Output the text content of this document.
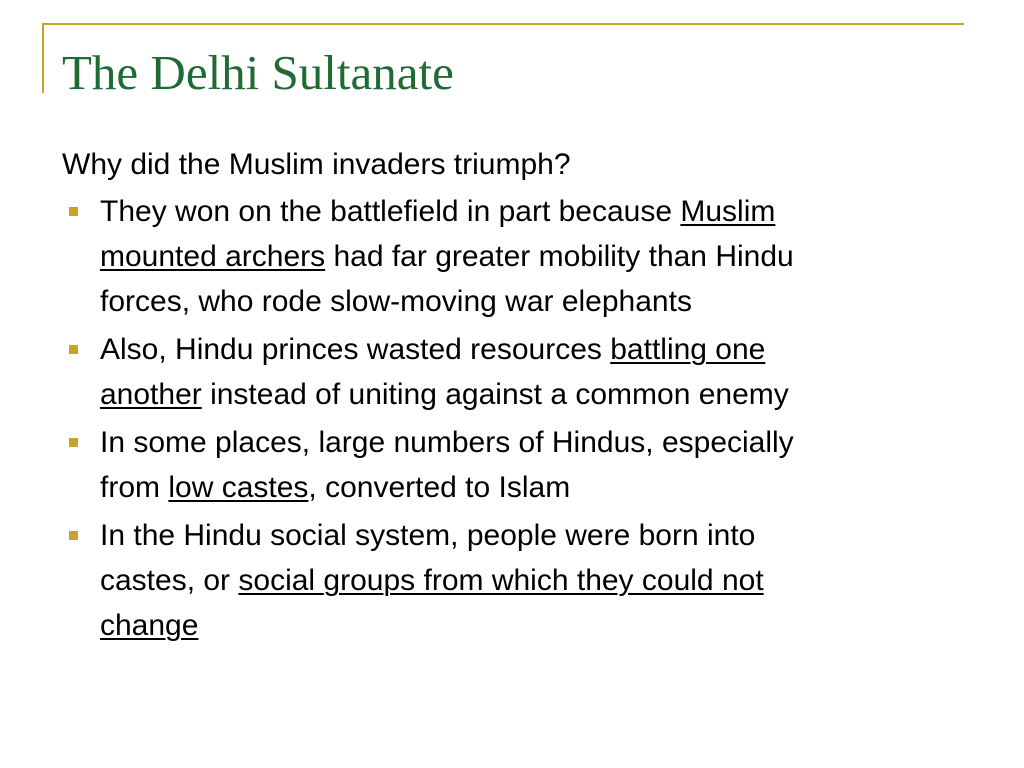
The Delhi Sultanate

Why did the Muslim invaders triumph?

They won on the battlefield in part because Muslim
mounted archers had far greater mobility than Hindu
forces, who rode slow-moving war elephants
Also, Hindu princes wasted resources battling one
another instead of uniting against a common enemy
In some places, large numbers of Hindus, especially
from low castes, converted to Islam
In the Hindu social system, people were born into
castes, or social groups from which they could not
change
